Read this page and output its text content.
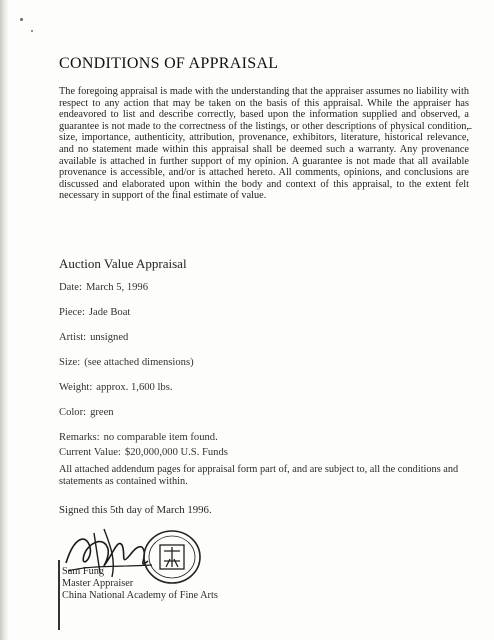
CONDITIONS OF APPRAISAL
The foregoing appraisal is made with the understanding that the appraiser assumes no liability with respect to any action that may be taken on the basis of this appraisal. While the appraiser has endeavored to list and describe correctly, based upon the information supplied and observed, a guarantee is not made to the correctness of the listings, or other descriptions of physical condition, size, importance, authenticity, attribution, provenance, exhibitors, literature, historical relevance, and no statement made within this appraisal shall be deemed such a warranty. Any provenance available is attached in further support of my opinion. A guarantee is not made that all available provenance is accessible, and/or is attached hereto. All comments, opinions, and conclusions are discussed and elaborated upon within the body and context of this appraisal, to the extent felt necessary in support of the final estimate of value.
Auction Value Appraisal
Date: March 5, 1996
Piece: Jade Boat
Artist: unsigned
Size: (see attached dimensions)
Weight: approx. 1,600 lbs.
Color: green
Remarks: no comparable item found.
Current Value: $20,000,000 U.S. Funds
All attached addendum pages for appraisal form part of, and are subject to, all the conditions and statements as contained within.
Signed this 5th day of March 1996.
Sam Fung
Master Appraiser
China National Academy of Fine Arts
